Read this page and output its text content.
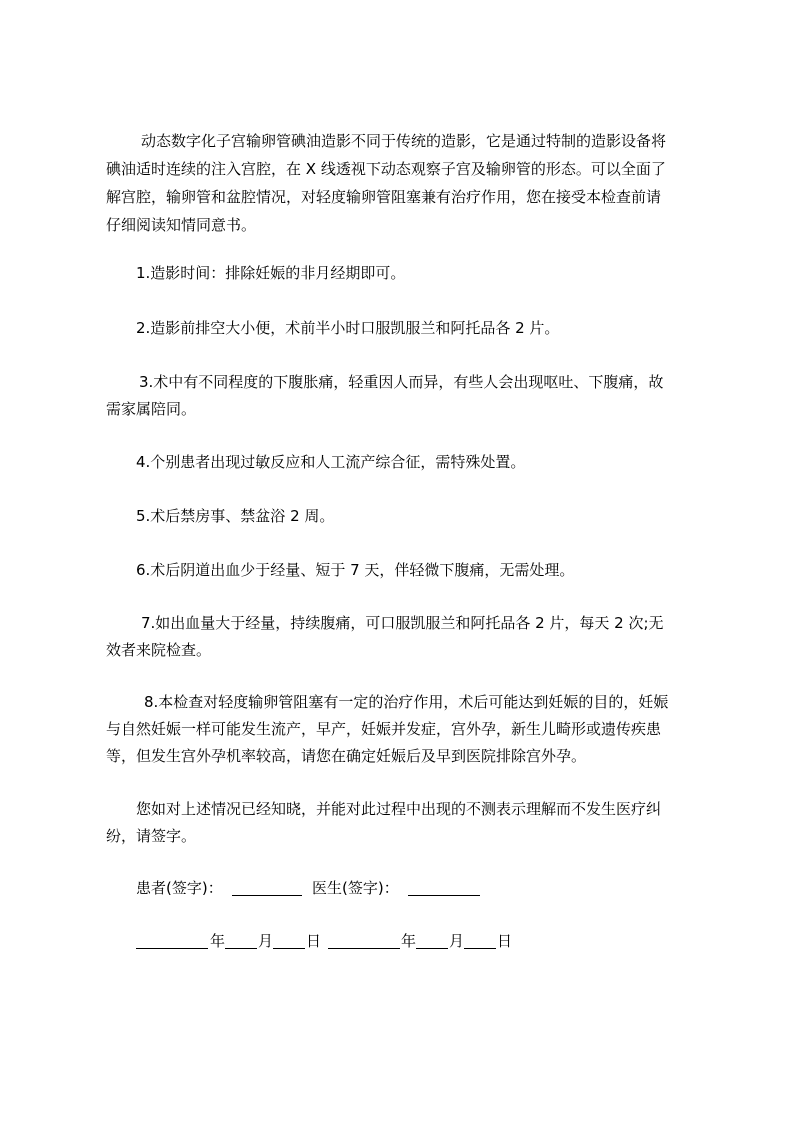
动态数字化子宫输卵管碘油造影不同于传统的造影，它是通过特制的造影设备将
碘油适时连续的注入宫腔，在 X 线透视下动态观察子宫及输卵管的形态。可以全面了
解宫腔，输卵管和盆腔情况，对轻度输卵管阻塞兼有治疗作用，您在接受本检查前请
仔细阅读知情同意书。
1.造影时间：排除妊娠的非月经期即可。
2.造影前排空大小便，术前半小时口服凯服兰和阿托品各 2 片。
3.术中有不同程度的下腹胀痛，轻重因人而异，有些人会出现呕吐、下腹痛，故
需家属陪同。
4.个别患者出现过敏反应和人工流产综合征，需特殊处置。
5.术后禁房事、禁盆浴 2 周。
6.术后阴道出血少于经量、短于 7 天，伴轻微下腹痛，无需处理。
7.如出血量大于经量，持续腹痛，可口服凯服兰和阿托品各 2 片，每天 2 次;无
效者来院检查。
8.本检查对轻度输卵管阻塞有一定的治疗作用，术后可能达到妊娠的目的，妊娠
与自然妊娠一样可能发生流产，早产，妊娠并发症，宫外孕，新生儿畸形或遗传疾患
等，但发生宫外孕机率较高，请您在确定妊娠后及早到医院排除宫外孕。
您如对上述情况已经知晓，并能对此过程中出现的不测表示理解而不发生医疗纠
纷，请签字。
患者(签字)：	医生(签字)：
年 月 日	年 月 日
